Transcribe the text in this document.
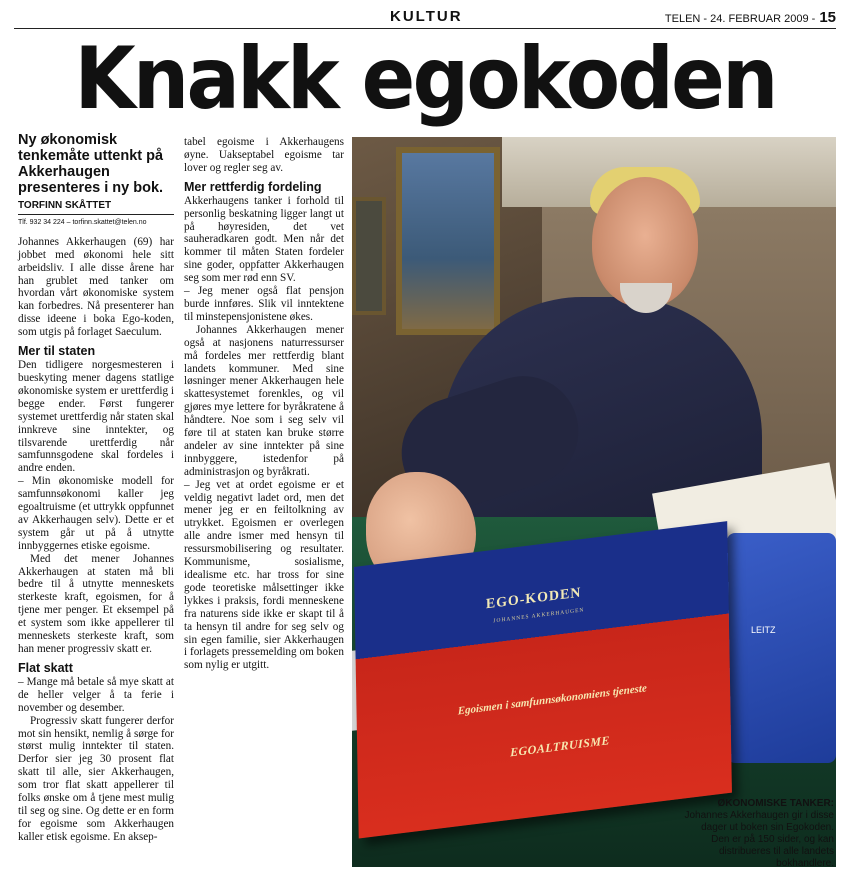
KULTUR	TELEN - 24. FEBRUAR 2009 - 15
Knakk egokoden
Ny økonomisk tenkemåte uttenkt på Akkerhaugen presenteres i ny bok.
TORFINN SKÅTTET
Tlf. 932 34 224 – torfinn.skattet@telen.no

Johannes Akkerhaugen (69) har jobbet med økonomi hele sitt arbeidsliv. I alle disse årene har han grublet med tanker om hvordan vårt økonomiske system kan forbedres. Nå presenterer han disse ideene i boka Ego-koden, som utgis på forlaget Saeculum.

Mer til staten

Den tidligere norgesmesteren i bueskyting mener dagens statlige økonomiske system er urettferdig i begge ender. Først fungerer systemet urettferdig når staten skal innkreve sine inntekter, og tilsvarende urettferdig når samfunnsgodene skal fordeles i andre enden.

– Min økonomiske modell for samfunnsøkonomi kaller jeg egoaltruisme (et uttrykk oppfunnet av Akkerhaugen selv). Dette er et system går ut på å utnytte innbyggernes etiske egoisme.

Med det mener Johannes Akkerhaugen at staten må bli bedre til å utnytte menneskets sterkeste kraft, egoismen, for å tjene mer penger. Et eksempel på et system som ikke appellerer til menneskets sterkeste kraft, som han mener progressiv skatt er.

Flat skatt

– Mange må betale så mye skatt at de heller velger å ta ferie i november og desember.

Progressiv skatt fungerer derfor mot sin hensikt, nemlig å sørge for størst mulig inntekter til staten. Derfor sier jeg 30 prosent flat skatt til alle, sier Akkerhaugen, som tror flat skatt appellerer til folks ønske om å tjene mest mulig til seg og sine. Og dette er en form for egoisme som Akkerhaugen kaller etisk egoisme. En aksep-

tabel egoisme i Akkerhaugens øyne. Uakseptabel egoisme tar lover og regler seg av.

Mer rettferdig fordeling

Akkerhaugens tanker i forhold til personlig beskatning ligger langt ut på høyresiden, det vet sauheradkaren godt. Men når det kommer til måten Staten fordeler sine goder, oppfatter Akkerhaugen seg som mer rød enn SV.

– Jeg mener også flat pensjon burde innføres. Slik vil inntektene til minstepensjonistene økes.

Johannes Akkerhaugen mener også at nasjonens naturressurser må fordeles mer rettferdig blant landets kommuner. Med sine løsninger mener Akkerhaugen hele skattesystemet forenkles, og vil gjøres mye lettere for byråkratene å håndtere. Noe som i seg selv vil føre til at staten kan bruke større andeler av sine inntekter på sine innbyggere, istedenfor på administrasjon og byråkrati.

– Jeg vet at ordet egoisme er et veldig negativt ladet ord, men det mener jeg er en feiltolkning av utrykket. Egoismen er overlegen alle andre ismer med hensyn til ressursmobilisering og resultater. Kommunisme, sosialisme, idealisme etc. har tross for sine gode teoretiske målsettinger ikke lykkes i praksis, fordi menneskene fra naturens side ikke er skapt til å ta hensyn til andre for seg selv og sin egen familie, sier Akkerhaugen i forlagets pressemelding om boken som nylig er utgitt.

LEITZ
EGO-KODEN
JOHANNES AKKERHAUGEN
Egoismen i samfunnsøkonomiens tjeneste
EGOALTRUISME
ØKONOMISKE TANKER: Johannes Akkerhaugen gir i disse dager ut boken sin Egokoden. Den er på 150 sider, og kan distribueres til alle landets bokhandlere.
